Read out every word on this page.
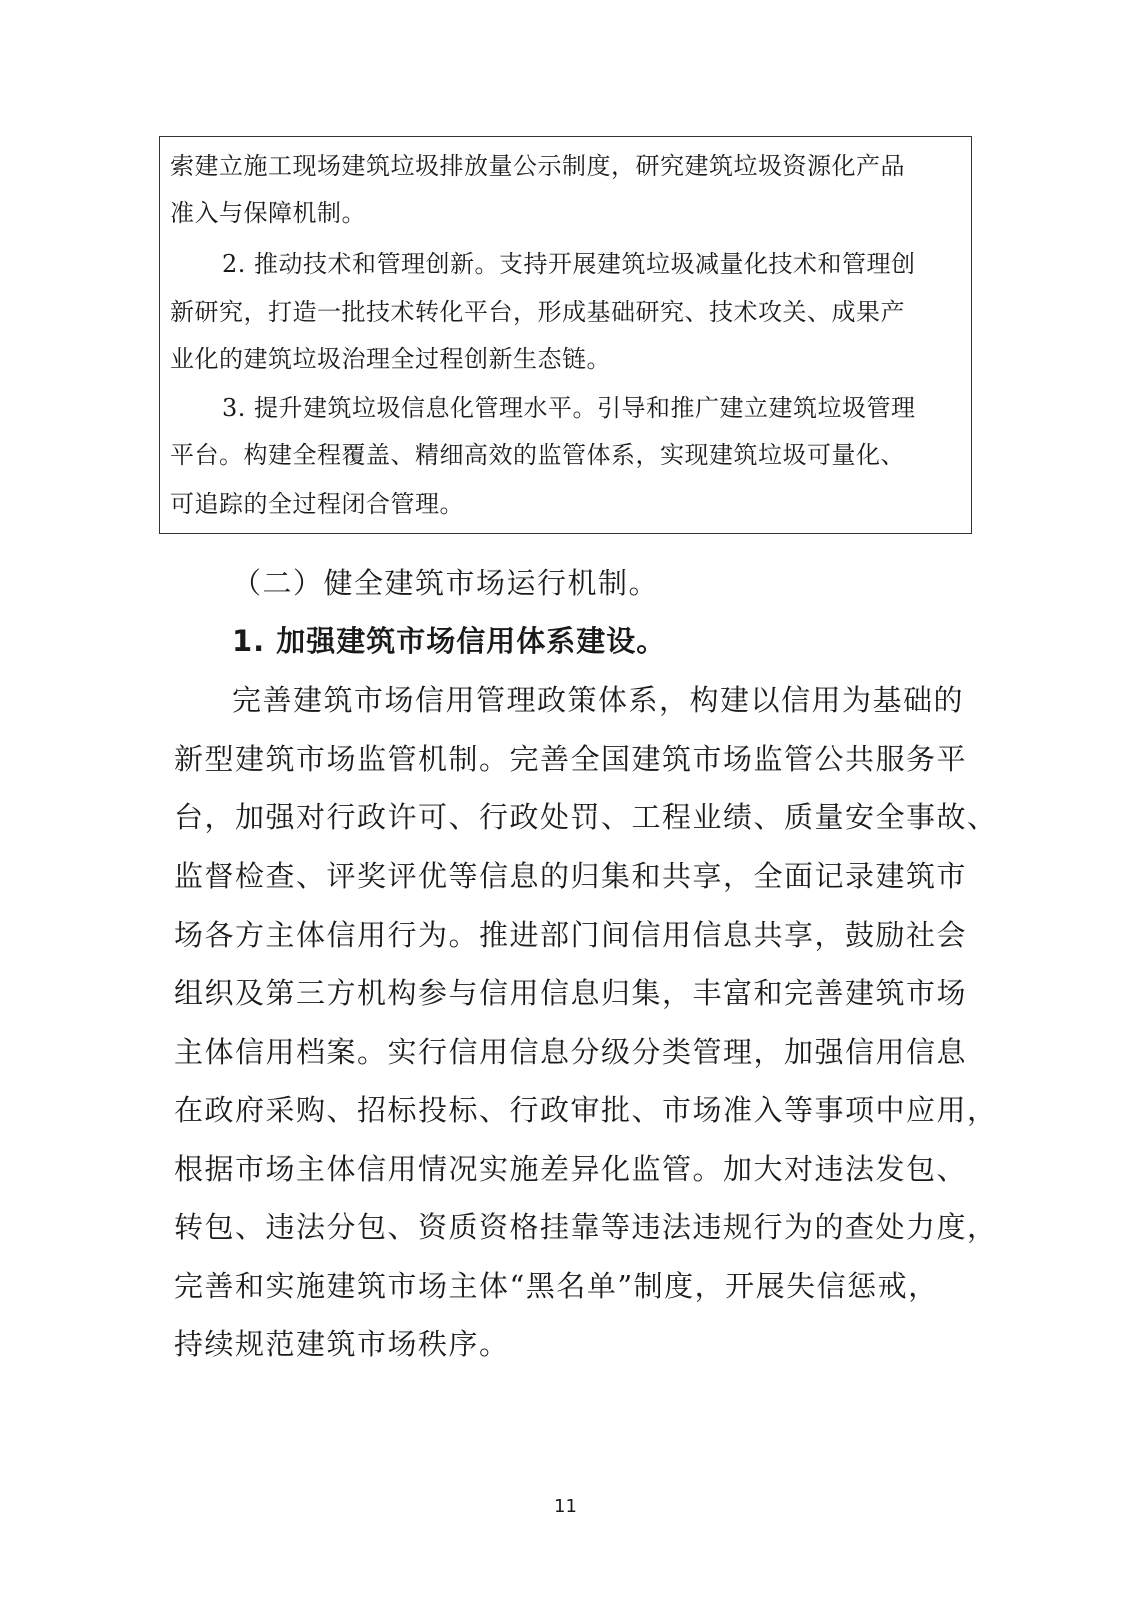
索建立施工现场建筑垃圾排放量公示制度，研究建筑垃圾资源化产品
准入与保障机制。
2. 推动技术和管理创新。支持开展建筑垃圾减量化技术和管理创
新研究，打造一批技术转化平台，形成基础研究、技术攻关、成果产
业化的建筑垃圾治理全过程创新生态链。
3. 提升建筑垃圾信息化管理水平。引导和推广建立建筑垃圾管理
平台。构建全程覆盖、精细高效的监管体系，实现建筑垃圾可量化、
可追踪的全过程闭合管理。
（二）健全建筑市场运行机制。
1. 加强建筑市场信用体系建设。
完善建筑市场信用管理政策体系，构建以信用为基础的
新型建筑市场监管机制。完善全国建筑市场监管公共服务平
台，加强对行政许可、行政处罚、工程业绩、质量安全事故、
监督检查、评奖评优等信息的归集和共享，全面记录建筑市
场各方主体信用行为。推进部门间信用信息共享，鼓励社会
组织及第三方机构参与信用信息归集，丰富和完善建筑市场
主体信用档案。实行信用信息分级分类管理，加强信用信息
在政府采购、招标投标、行政审批、市场准入等事项中应用，
根据市场主体信用情况实施差异化监管。加大对违法发包、
转包、违法分包、资质资格挂靠等违法违规行为的查处力度，
完善和实施建筑市场主体“黑名单”制度，开展失信惩戒，
持续规范建筑市场秩序。
11
